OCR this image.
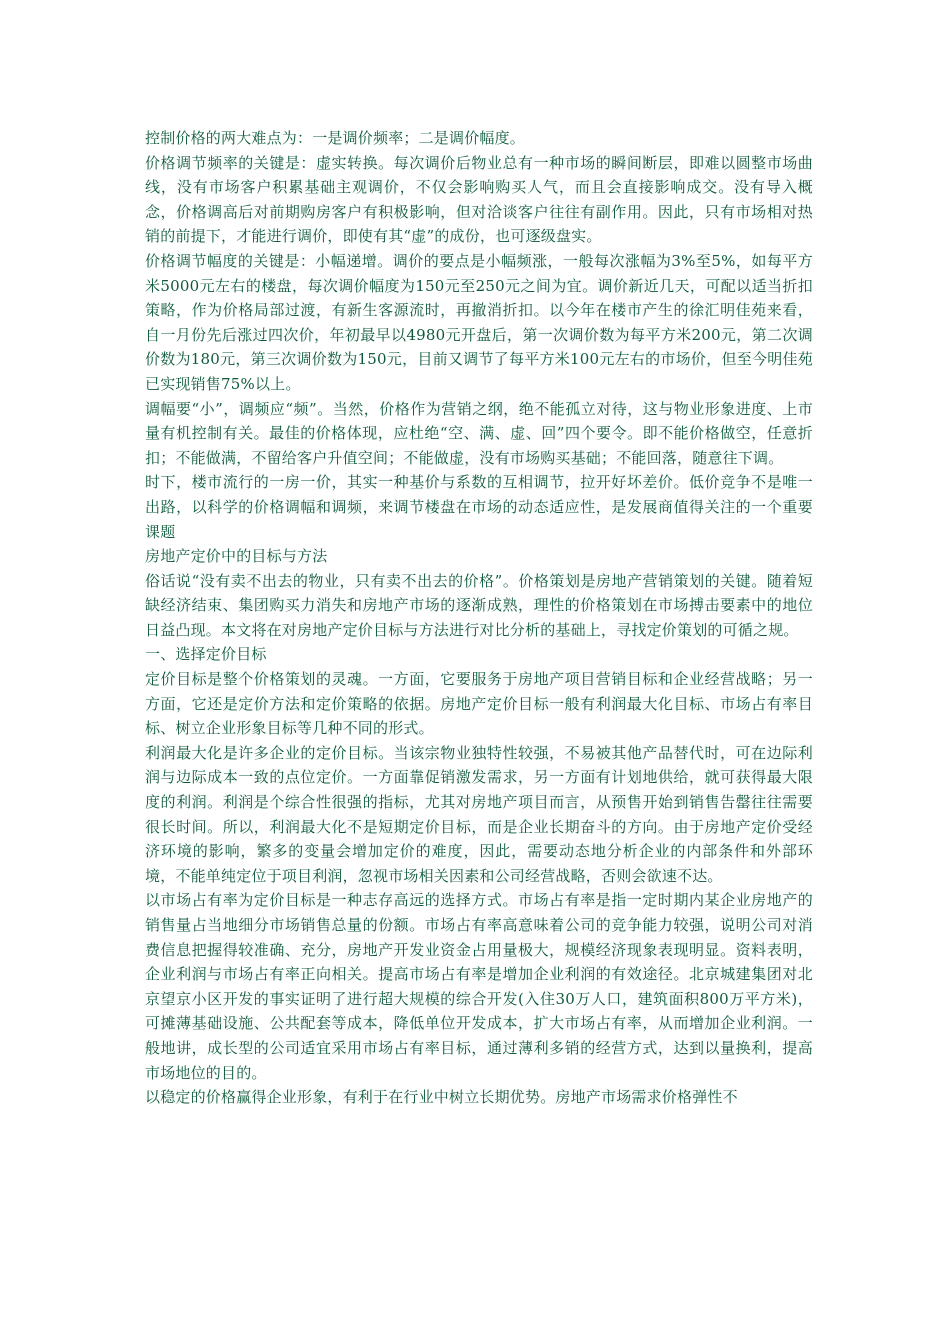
控制价格的两大难点为：一是调价频率；二是调价幅度。

价格调节频率的关键是：虚实转换。每次调价后物业总有一种市场的瞬间断层，即难以圆整市场曲线，没有市场客户积累基础主观调价，不仅会影响购买人气，而且会直接影响成交。没有导入概念，价格调高后对前期购房客户有积极影响，但对洽谈客户往往有副作用。因此，只有市场相对热销的前提下，才能进行调价，即使有其“虚”的成份，也可逐级盘实。

价格调节幅度的关键是：小幅递增。调价的要点是小幅频涨，一般每次涨幅为3%至5%，如每平方米5000元左右的楼盘，每次调价幅度为150元至250元之间为宜。调价新近几天，可配以适当折扣策略，作为价格局部过渡，有新生客源流时，再撤消折扣。以今年在楼市产生的徐汇明佳苑来看，自一月份先后涨过四次价，年初最早以4980元开盘后，第一次调价数为每平方米200元，第二次调价数为180元，第三次调价数为150元，目前又调节了每平方米100元左右的市场价，但至今明佳苑已实现销售75%以上。

调幅要“小”，调频应“频”。当然，价格作为营销之纲，绝不能孤立对待，这与物业形象进度、上市量有机控制有关。最佳的价格体现，应杜绝“空、满、虚、回”四个要令。即不能价格做空，任意折扣；不能做满，不留给客户升值空间；不能做虚，没有市场购买基础；不能回落，随意往下调。

时下，楼市流行的一房一价，其实一种基价与系数的互相调节，拉开好坏差价。低价竞争不是唯一出路，以科学的价格调幅和调频，来调节楼盘在市场的动态适应性，是发展商值得关注的一个重要课题

房地产定价中的目标与方法

俗话说“没有卖不出去的物业，只有卖不出去的价格”。价格策划是房地产营销策划的关键。随着短缺经济结束、集团购买力消失和房地产市场的逐渐成熟，理性的价格策划在市场搏击要素中的地位日益凸现。本文将在对房地产定价目标与方法进行对比分析的基础上，寻找定价策划的可循之规。

一、选择定价目标

定价目标是整个价格策划的灵魂。一方面，它要服务于房地产项目营销目标和企业经营战略；另一方面，它还是定价方法和定价策略的依据。房地产定价目标一般有利润最大化目标、市场占有率目标、树立企业形象目标等几种不同的形式。

利润最大化是许多企业的定价目标。当该宗物业独特性较强，不易被其他产品替代时，可在边际利润与边际成本一致的点位定价。一方面靠促销激发需求，另一方面有计划地供给，就可获得最大限度的利润。利润是个综合性很强的指标，尤其对房地产项目而言，从预售开始到销售告罄往往需要很长时间。所以，利润最大化不是短期定价目标，而是企业长期奋斗的方向。由于房地产定价受经济环境的影响，繁多的变量会增加定价的难度，因此，需要动态地分析企业的内部条件和外部环境，不能单纯定位于项目利润，忽视市场相关因素和公司经营战略，否则会欲速不达。

以市场占有率为定价目标是一种志存高远的选择方式。市场占有率是指一定时期内某企业房地产的销售量占当地细分市场销售总量的份额。市场占有率高意味着公司的竞争能力较强，说明公司对消费信息把握得较准确、充分，房地产开发业资金占用量极大，规模经济现象表现明显。资料表明，企业利润与市场占有率正向相关。提高市场占有率是增加企业利润的有效途径。北京城建集团对北京望京小区开发的事实证明了进行超大规模的综合开发(入住30万人口，建筑面积800万平方米)，可摊薄基础设施、公共配套等成本，降低单位开发成本，扩大市场占有率，从而增加企业利润。一般地讲，成长型的公司适宜采用市场占有率目标，通过薄利多销的经营方式，达到以量换利，提高市场地位的目的。

以稳定的价格赢得企业形象，有利于在行业中树立长期优势。房地产市场需求价格弹性不
